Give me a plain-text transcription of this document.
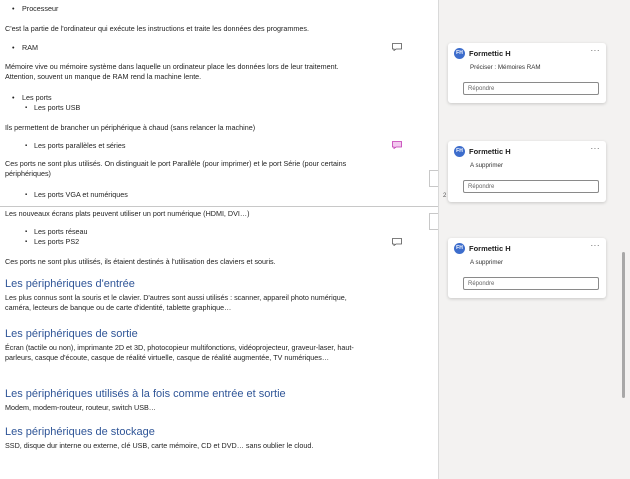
• Processeur
C'est la partie de l'ordinateur qui exécute les instructions et traite les données des programmes.
• RAM
Mémoire vive ou mémoire système dans laquelle un ordinateur place les données lors de leur traitement. Attention, souvent un manque de RAM rend la machine lente.
• Les ports
▪ Les ports USB
Ils permettent de brancher un périphérique à chaud (sans relancer la machine)
▪ Les ports parallèles et séries
Ces ports ne sont plus utilisés. On distinguait le port Parallèle (pour imprimer) et le port Série (pour certains périphériques)
▪ Les ports VGA et numériques
Les nouveaux écrans plats peuvent utiliser un port numérique (HDMI, DVI…)
▪ Les ports réseau
▪ Les ports PS2
Ces ports ne sont plus utilisés, ils étaient destinés à l'utilisation des claviers et souris.
Les périphériques d'entrée
Les plus connus sont la souris et le clavier. D'autres sont aussi utilisés : scanner, appareil photo numérique, caméra, lecteurs de banque ou de carte d'identité, tablette graphique…
Les périphériques de sortie
Écran (tactile ou non), imprimante 2D et 3D, photocopieur multifonctions, vidéoprojecteur, graveur-laser, haut-parleurs, casque d'écoute, casque de réalité virtuelle, casque de réalité augmentée, TV numériques…
Les périphériques utilisés à la fois comme entrée et sortie
Modem, modem-routeur, routeur, switch USB…
Les périphériques de stockage
SSD, disque dur interne ou externe, clé USB, carte mémoire, CD et DVD… sans oublier le cloud.
2
FH Formettic H	···
Préciser : Mémoires RAM
Répondre
FH Formettic H	···
A supprimer
Répondre
FH Formettic H	···
A supprimer
Répondre
